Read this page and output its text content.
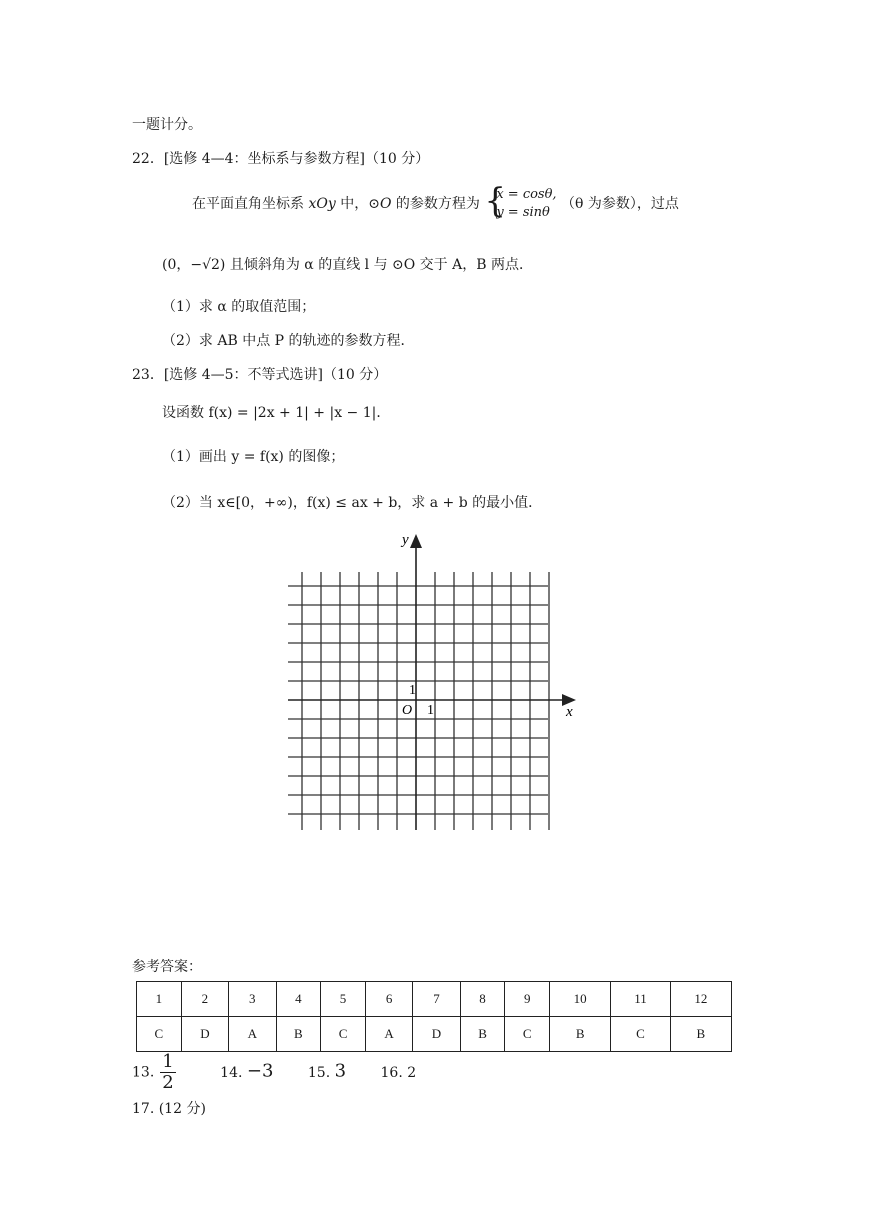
一题计分。
22．[选修 4—4：坐标系与参数方程]（10 分）
在平面直角坐标系 xOy 中，⊙O 的参数方程为 {
x = cosθ,
y = sinθ
（θ 为参数），过点
(0，−√2) 且倾斜角为 α 的直线 l 与 ⊙O 交于 A，B 两点．
（1）求 α 的取值范围；
（2）求 AB 中点 P 的轨迹的参数方程．
23．[选修 4—5：不等式选讲]（10 分）
设函数 f(x) = |2x + 1| + |x − 1|．
（1）画出 y = f(x) 的图像；
（2）当 x∈[0，+∞)，f(x) ≤ ax + b，求 a + b 的最小值．
y
x
O 1
1
参考答案：
1	2	3	4	5	6	7	8	9	10	11	12
C	D	A	B	C	A	D	B	C	B	C	B
13. $\frac{1}{2}$	14. −3 15. 3 16. 2
17. (12 分)
